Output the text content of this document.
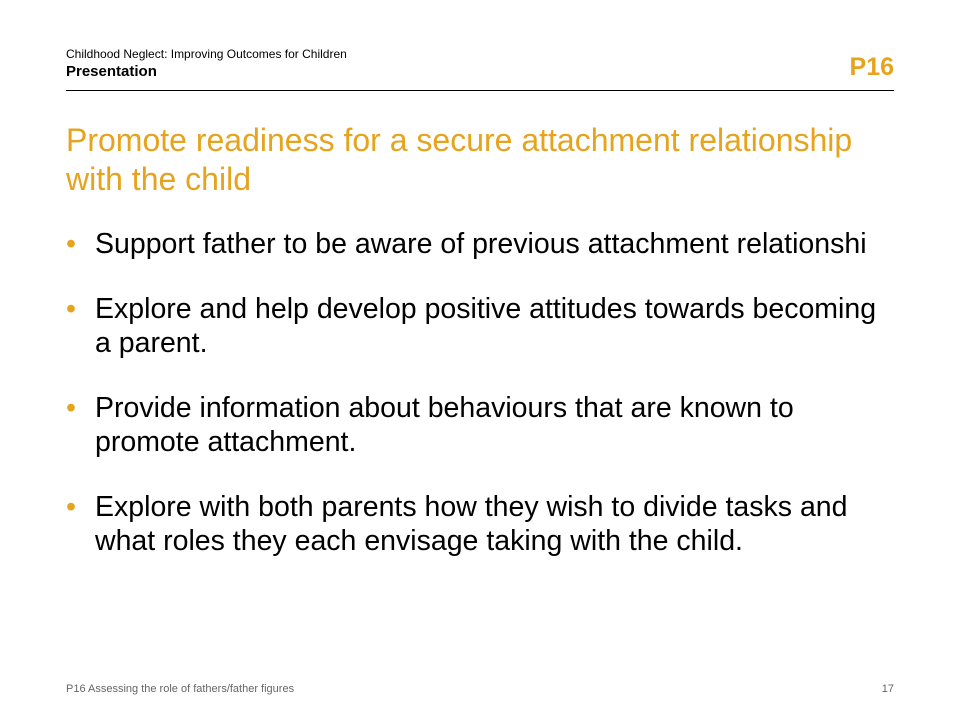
Childhood Neglect: Improving Outcomes for Children
Presentation	P16
Promote readiness for a secure attachment relationship with the child
• Support father to be aware of previous attachment relationshi
• Explore and help develop positive attitudes towards becoming a parent.
• Provide information about behaviours that are known to promote attachment.
• Explore with both parents how they wish to divide tasks and what roles they each envisage taking with the child.
P16 Assessing the role of fathers/father figures	17
